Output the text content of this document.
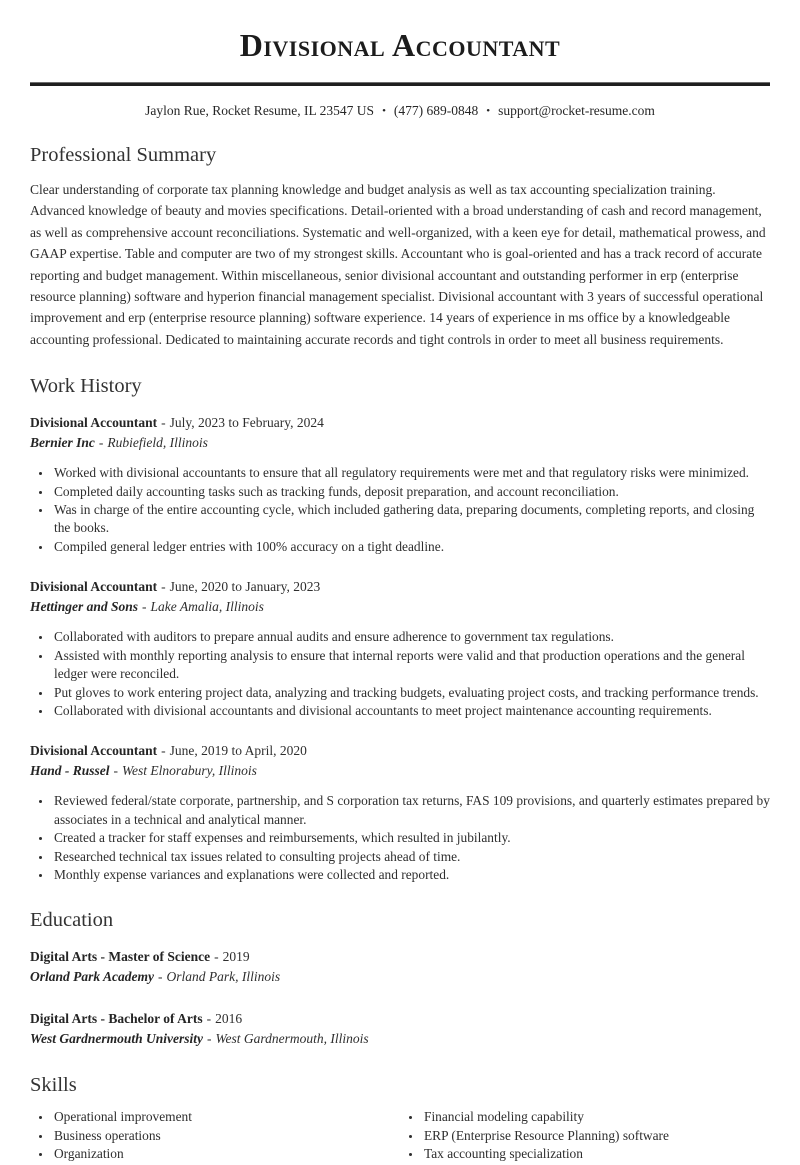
Divisional Accountant
Jaylon Rue, Rocket Resume, IL 23547 US • (477) 689-0848 • support@rocket-resume.com
Professional Summary

Clear understanding of corporate tax planning knowledge and budget analysis as well as tax accounting specialization training. Advanced knowledge of beauty and movies specifications. Detail-oriented with a broad understanding of cash and record management, as well as comprehensive account reconciliations. Systematic and well-organized, with a keen eye for detail, mathematical prowess, and GAAP expertise. Table and computer are two of my strongest skills. Accountant who is goal-oriented and has a track record of accurate reporting and budget management. Within miscellaneous, senior divisional accountant and outstanding performer in erp (enterprise resource planning) software and hyperion financial management specialist. Divisional accountant with 3 years of successful operational improvement and erp (enterprise resource planning) software experience. 14 years of experience in ms office by a knowledgeable accounting professional. Dedicated to maintaining accurate records and tight controls in order to meet all business requirements.

Work History

Divisional Accountant - July, 2023 to February, 2024

Bernier Inc - Rubiefield, Illinois

• Worked with divisional accountants to ensure that all regulatory requirements were met and that regulatory risks were minimized.
• Completed daily accounting tasks such as tracking funds, deposit preparation, and account reconciliation.
• Was in charge of the entire accounting cycle, which included gathering data, preparing documents, completing reports, and closing the books.
• Compiled general ledger entries with 100% accuracy on a tight deadline.

Divisional Accountant - June, 2020 to January, 2023

Hettinger and Sons - Lake Amalia, Illinois

• Collaborated with auditors to prepare annual audits and ensure adherence to government tax regulations.
• Assisted with monthly reporting analysis to ensure that internal reports were valid and that production operations and the general ledger were reconciled.
• Put gloves to work entering project data, analyzing and tracking budgets, evaluating project costs, and tracking performance trends.
• Collaborated with divisional accountants and divisional accountants to meet project maintenance accounting requirements.

Divisional Accountant - June, 2019 to April, 2020

Hand - Russel - West Elnorabury, Illinois

• Reviewed federal/state corporate, partnership, and S corporation tax returns, FAS 109 provisions, and quarterly estimates prepared by associates in a technical and analytical manner.
• Created a tracker for staff expenses and reimbursements, which resulted in jubilantly.
• Researched technical tax issues related to consulting projects ahead of time.
• Monthly expense variances and explanations were collected and reported.
Education

Digital Arts - Master of Science - 2019

Orland Park Academy - Orland Park, Illinois

Digital Arts - Bachelor of Arts - 2016

West Gardnermouth University - West Gardnermouth, Illinois

Skills
• Operational improvement
• Business operations
• Organization
• Financial modeling capability
• ERP (Enterprise Resource Planning) software
• Tax accounting specialization
